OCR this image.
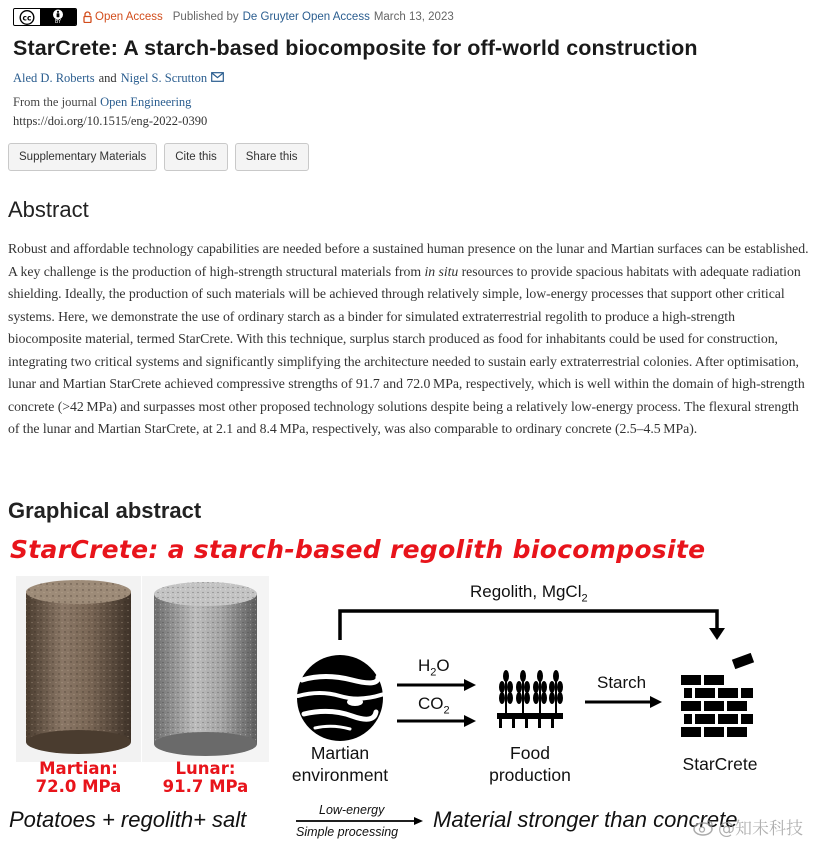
cc	BY	Open Access Published by De Gruyter Open Access March 13, 2023
StarCrete: A starch-based biocomposite for off-world construction
Aled D. Roberts and Nigel S. Scrutton
From the journal Open Engineering
https://doi.org/10.1515/eng-2022-0390
Supplementary Materials	Cite this	Share this
Abstract

Robust and affordable technology capabilities are needed before a sustained human presence on the lunar and Martian surfaces can be established. A key challenge is the production of high-strength structural materials from in situ resources to provide spacious habitats with adequate radiation shielding. Ideally, the production of such materials will be achieved through relatively simple, low-energy processes that support other critical systems. Here, we demonstrate the use of ordinary starch as a binder for simulated extraterrestrial regolith to produce a high-strength biocomposite material, termed StarCrete. With this technique, surplus starch produced as food for inhabitants could be used for construction, integrating two critical systems and significantly simplifying the architecture needed to sustain early extraterrestrial colonies. After optimisation, lunar and Martian StarCrete achieved compressive strengths of 91.7 and 72.0 MPa, respectively, which is well within the domain of high-strength concrete (>42 MPa) and surpasses most other proposed technology solutions despite being a relatively low-energy process. The flexural strength of the lunar and Martian StarCrete, at 2.1 and 8.4 MPa, respectively, was also comparable to ordinary concrete (2.5–4.5 MPa).

Graphical abstract
StarCrete: a starch-based regolith biocomposite
Martian:
72.0 MPa
Lunar:
91.7 MPa
Regolith, MgCl$_2$
$H_2O$
$CO_2$
Starch
Martian
environment
Food
production
StarCrete
Potatoes + regolith+ salt	Low-energy
Simple processing Material stronger than concrete
@知未科技
